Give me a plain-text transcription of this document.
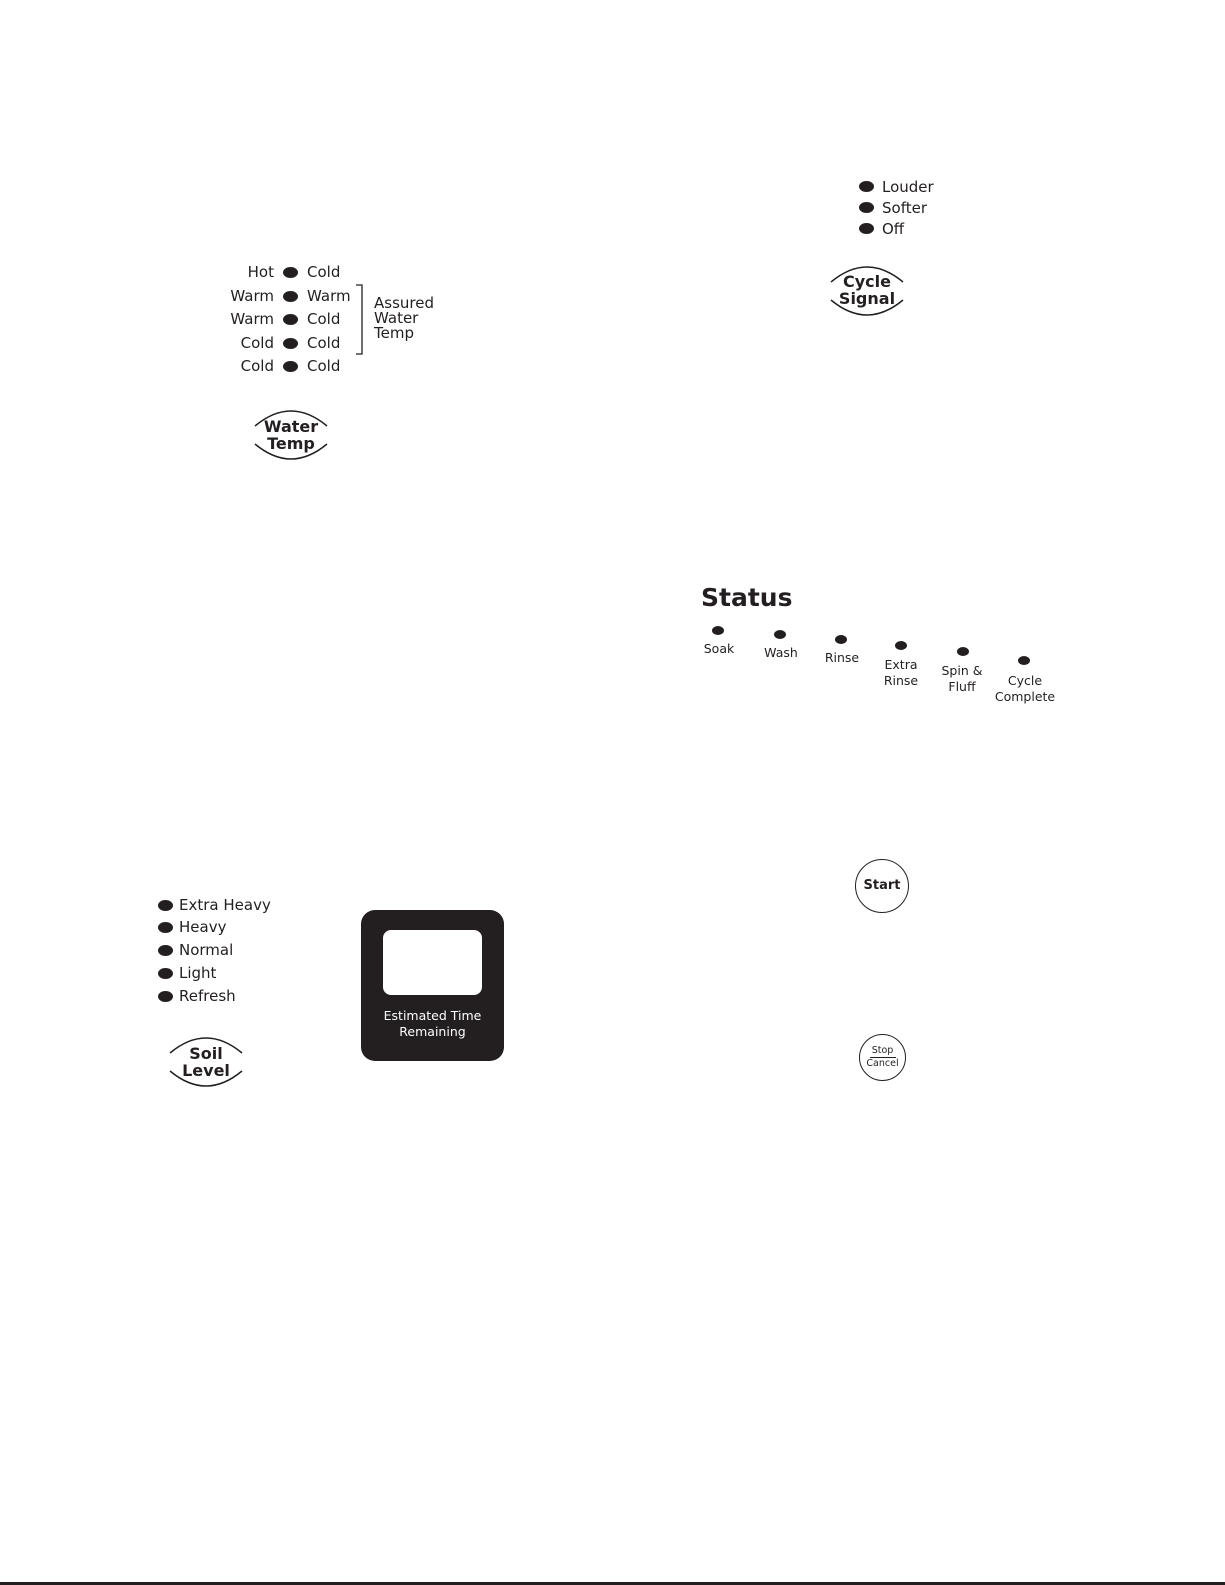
Louder
Softer
Off
Cycle
Signal
Hot Cold
Warm Warm
Warm Cold
Cold Cold
Cold Cold
Assured
Water
Temp
Water
Temp
Status
Soak	Wash	Rinse	Extra
Rinse
Spin &
Fluff	Cycle
Complete
Start
Stop
Cancel
Extra Heavy
Heavy
Normal
Light
Refresh
Soil
Level
Estimated Time
Remaining
